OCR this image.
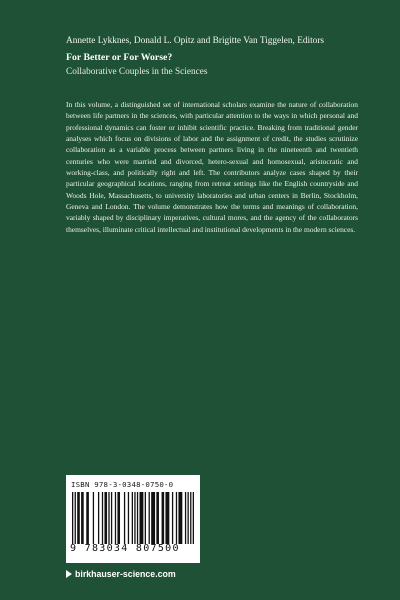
Annette Lykknes, Donald L. Opitz and Brigitte Van Tiggelen, Editors
For Better or For Worse?
Collaborative Couples in the Sciences

In this volume, a distinguished set of international scholars examine the nature of collaboration between life partners in the sciences, with particular attention to the ways in which personal and professional dynamics can foster or inhibit scientific practice. Breaking from traditional gender analyses which focus on divisions of labor and the assignment of credit, the studies scrutinize collaboration as a variable process between partners living in the nineteenth and twentieth centuries who were married and divorced, hetero-sexual and homosexual, aristocratic and working-class, and politically right and left. The contributors analyze cases shaped by their particular geographical locations, ranging from retreat settings like the English countryside and Woods Hole, Massachusetts, to university laboratories and urban centers in Berlin, Stockholm, Geneva and London. The volume demonstrates how the terms and meanings of collaboration, variably shaped by disciplinary imperatives, cultural mores, and the agency of the collaborators themselves, illuminate critical intellectual and institutional developments in the modern sciences.

ISBN 978-3-0348-0750-0
9 783034 807500
birkhauser-science.com
